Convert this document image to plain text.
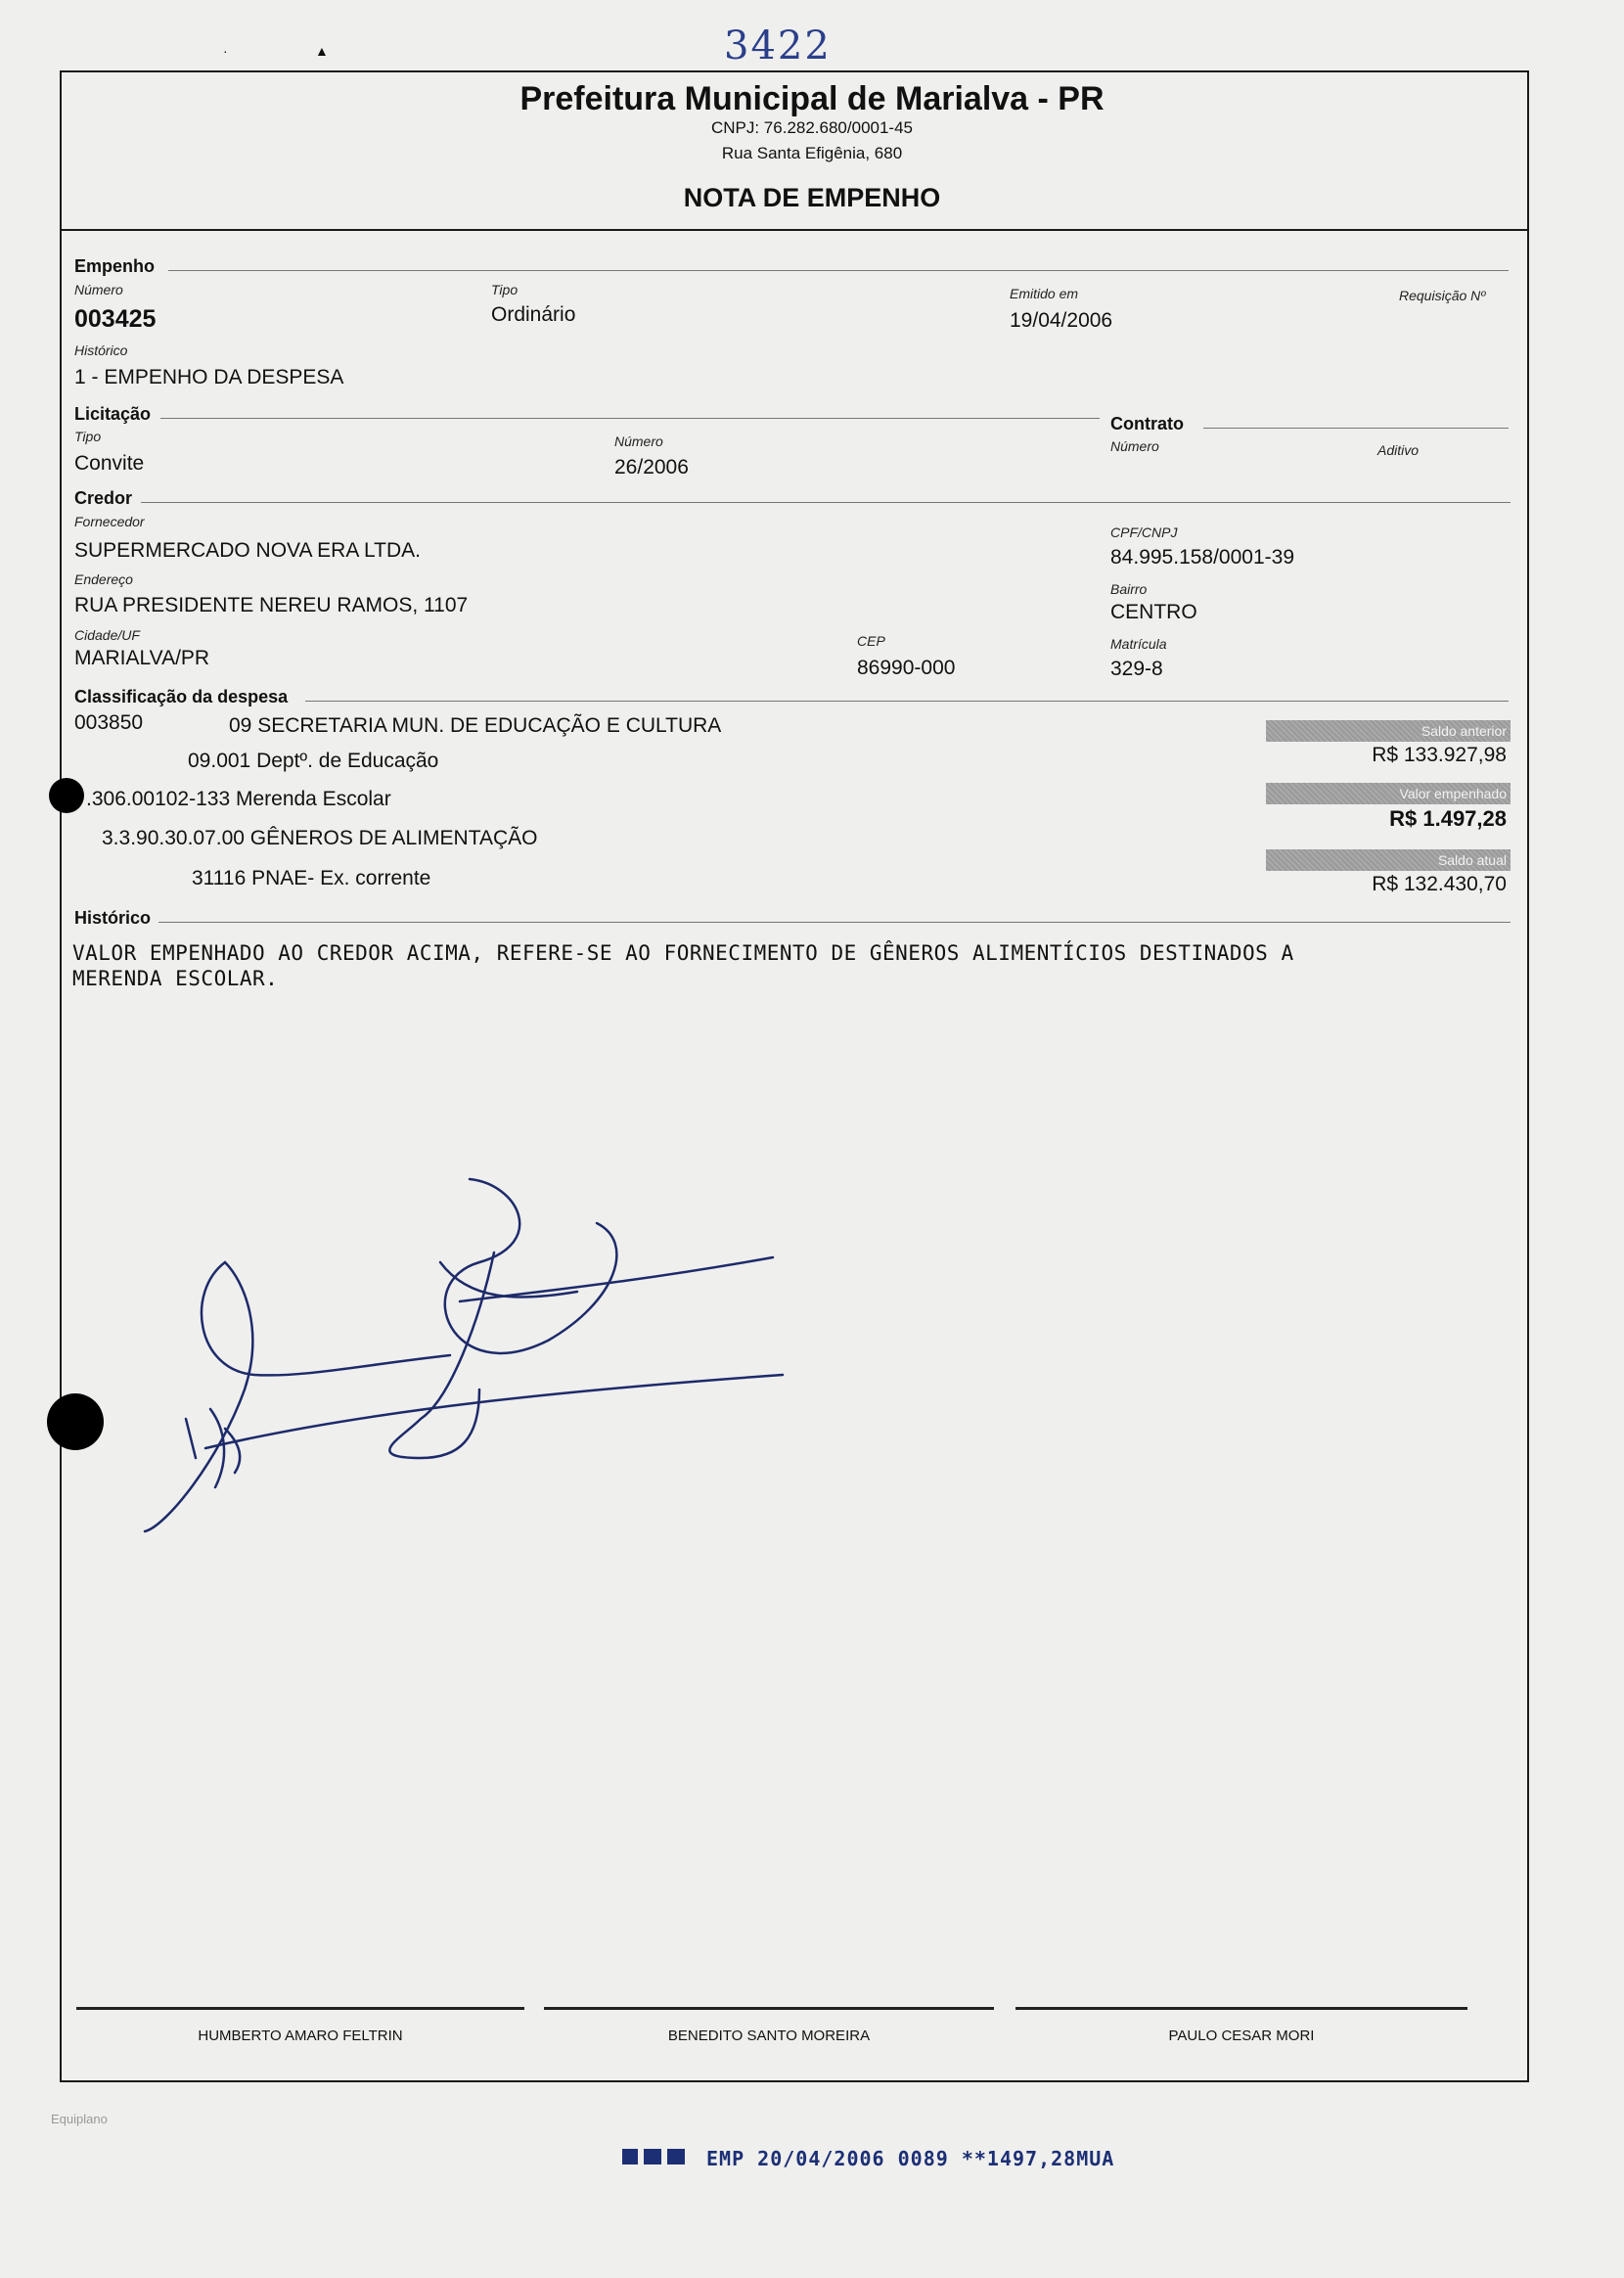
3422
·	▲
Prefeitura Municipal de Marialva - PR
CNPJ: 76.282.680/0001-45
Rua Santa Efigênia, 680
NOTA DE EMPENHO
Empenho
Número
003425
Tipo
Ordinário
Emitido em
19/04/2006
Requisição Nº
Histórico
1 - EMPENHO DA DESPESA
Licitação
Tipo
Convite
Número
26/2006
Contrato
Número	Aditivo
Credor
Fornecedor
SUPERMERCADO NOVA ERA LTDA.
CPF/CNPJ
84.995.158/0001-39
Endereço
RUA PRESIDENTE NEREU RAMOS, 1107
Bairro
CENTRO
Cidade/UF
MARIALVA/PR
CEP
86990-000
Matrícula
329-8
Classificação da despesa
003850	09 SECRETARIA MUN. DE EDUCAÇÃO E CULTURA
09.001 Deptº. de Educação
.306.00102-133 Merenda Escolar
3.3.90.30.07.00 GÊNEROS DE ALIMENTAÇÃO
31116 PNAE- Ex. corrente
Saldo anterior
R$ 133.927,98
Valor empenhado
R$ 1.497,28
Saldo atual
R$ 132.430,70
Histórico
VALOR EMPENHADO AO CREDOR ACIMA, REFERE-SE AO FORNECIMENTO DE GÊNEROS ALIMENTÍCIOS DESTINADOS A
MERENDA ESCOLAR.
HUMBERTO AMARO FELTRIN	BENEDITO SANTO MOREIRA	PAULO CESAR MORI
Equiplano
EMP 20/04/2006 0089 **1497,28MUA
